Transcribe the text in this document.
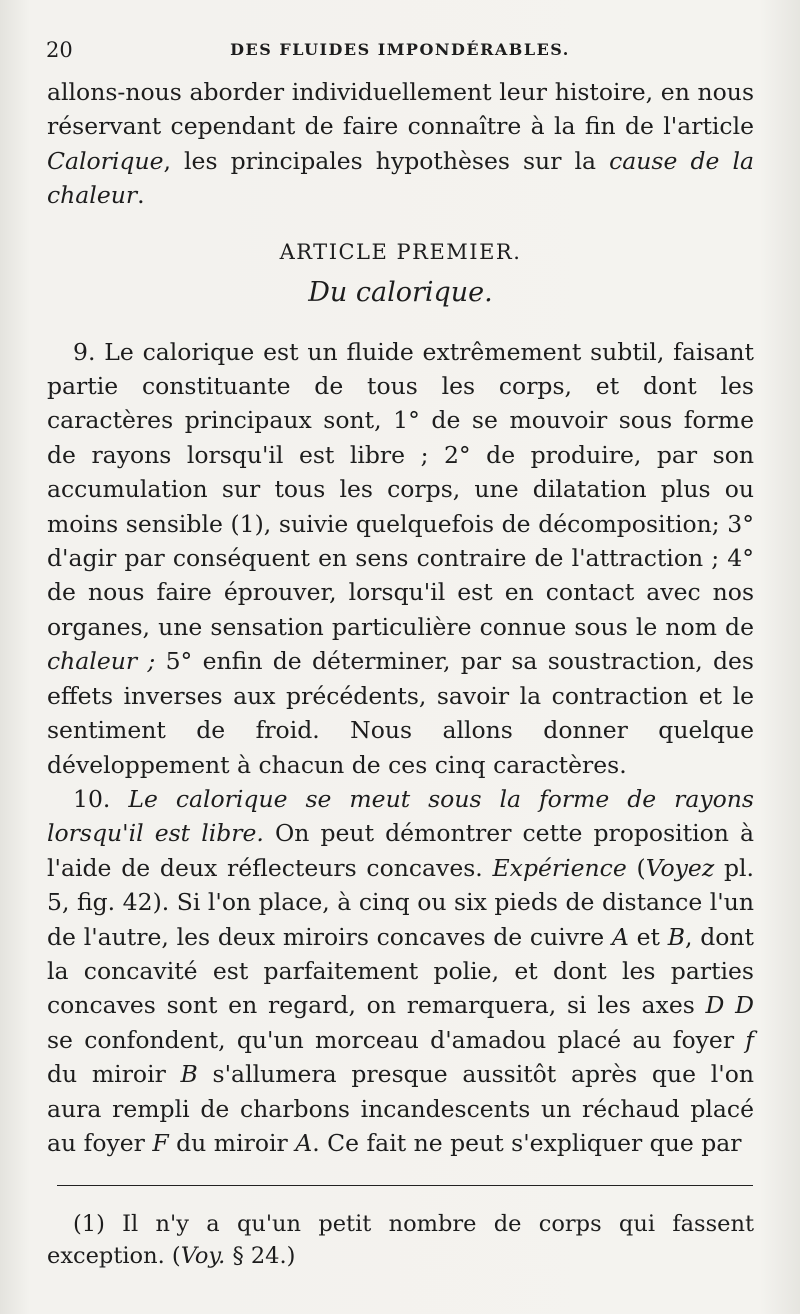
20	DES FLUIDES IMPONDÉRABLES.

allons-nous aborder individuellement leur histoire, en nous réservant cependant de faire connaître à la fin de l'article Calorique, les principales hypothèses sur la cause de la chaleur.

ARTICLE PREMIER.

Du calorique.

9. Le calorique est un fluide extrêmement subtil, faisant partie constituante de tous les corps, et dont les caractères principaux sont, 1° de se mouvoir sous forme de rayons lorsqu'il est libre ; 2° de produire, par son accumulation sur tous les corps, une dilatation plus ou moins sensible (1), suivie quelquefois de décomposition; 3° d'agir par conséquent en sens contraire de l'attraction ; 4° de nous faire éprouver, lorsqu'il est en contact avec nos organes, une sensation particulière connue sous le nom de chaleur ; 5° enfin de déterminer, par sa soustraction, des effets inverses aux précédents, savoir la contraction et le sentiment de froid. Nous allons donner quelque développement à chacun de ces cinq caractères.

10. Le calorique se meut sous la forme de rayons lorsqu'il est libre. On peut démontrer cette proposition à l'aide de deux réflecteurs concaves. Expérience (Voyez pl. 5, fig. 42). Si l'on place, à cinq ou six pieds de distance l'un de l'autre, les deux miroirs concaves de cuivre A et B, dont la concavité est parfaitement polie, et dont les parties concaves sont en regard, on remarquera, si les axes D D se confondent, qu'un morceau d'amadou placé au foyer f du miroir B s'allumera presque aussitôt après que l'on aura rempli de charbons incandescents un réchaud placé au foyer F du miroir A. Ce fait ne peut s'expliquer que par

(1) Il n'y a qu'un petit nombre de corps qui fassent exception. (Voy. § 24.)
